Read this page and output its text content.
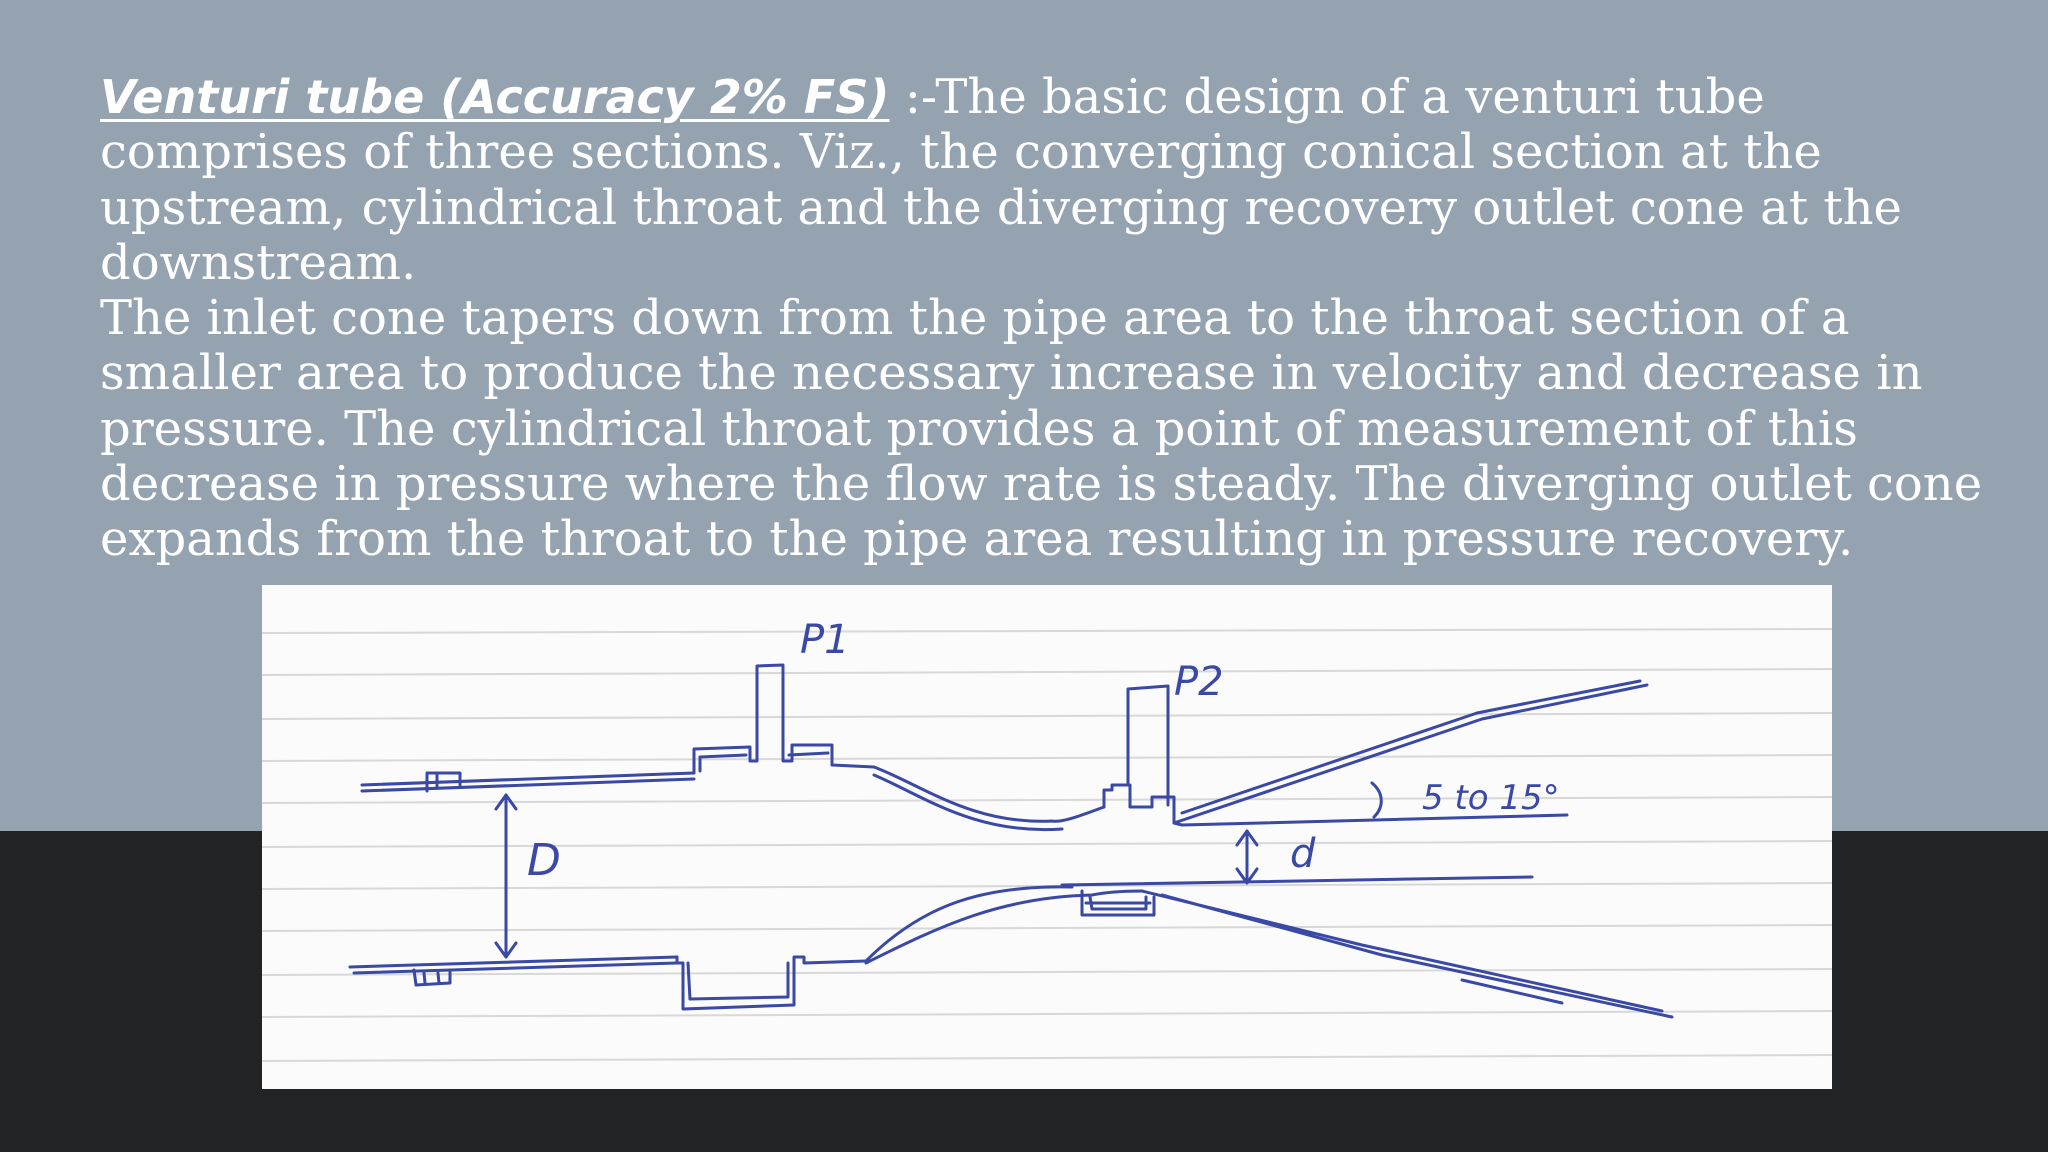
Venturi tube (Accuracy 2% FS) :-The basic design of a venturi tube
comprises of three sections. Viz., the converging conical section at the
upstream, cylindrical throat and the diverging recovery outlet cone at the
downstream.
The inlet cone tapers down from the pipe area to the throat section of a
smaller area to produce the necessary increase in velocity and decrease in
pressure. The cylindrical throat provides a point of measurement of this
decrease in pressure where the flow rate is steady. The diverging outlet cone
expands from the throat to the pipe area resulting in pressure recovery.
P1
P2
5 to 15°
D	d
